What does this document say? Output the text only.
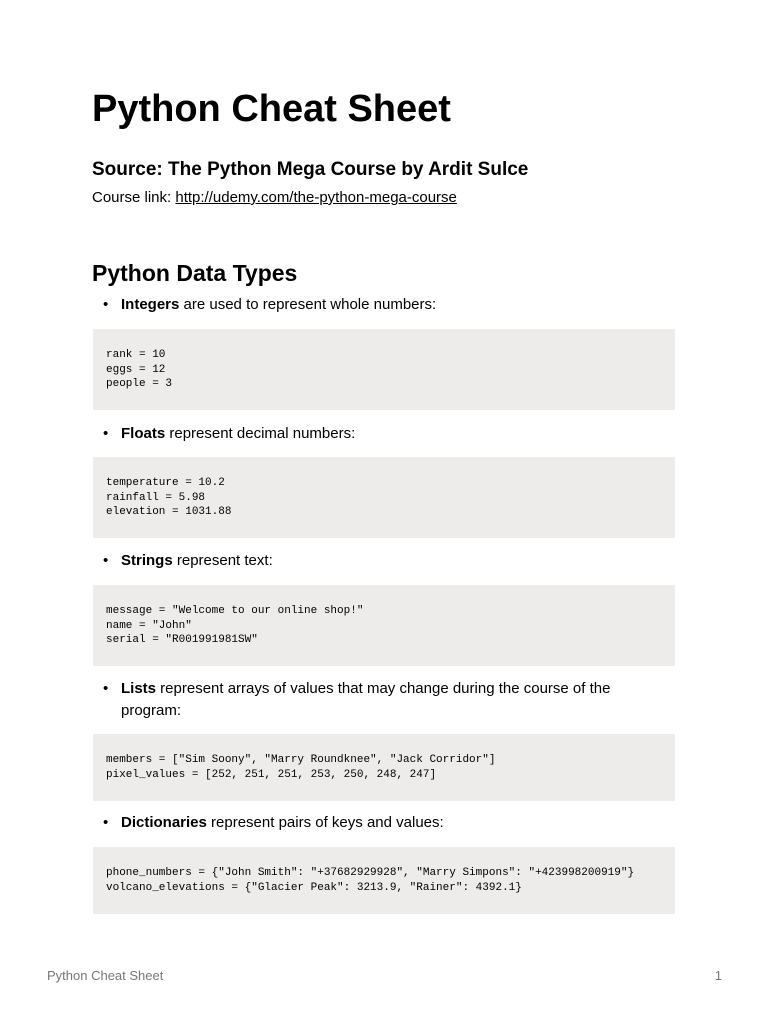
Python Cheat Sheet
Source: The Python Mega Course by Ardit Sulce
Course link: http://udemy.com/the-python-mega-course
Python Data Types
• Integers are used to represent whole numbers:
rank = 10
eggs = 12
people = 3
• Floats represent decimal numbers:
temperature = 10.2
rainfall = 5.98
elevation = 1031.88
• Strings represent text:
message = "Welcome to our online shop!"
name = "John"
serial = "R001991981SW"
• Lists represent arrays of values that may change during the course of the program:
members = ["Sim Soony", "Marry Roundknee", "Jack Corridor"]
pixel_values = [252, 251, 251, 253, 250, 248, 247]
• Dictionaries represent pairs of keys and values:
phone_numbers = {"John Smith": "+37682929928", "Marry Simpons": "+423998200919"}
volcano_elevations = {"Glacier Peak": 3213.9, "Rainer": 4392.1}
Python Cheat Sheet	1
